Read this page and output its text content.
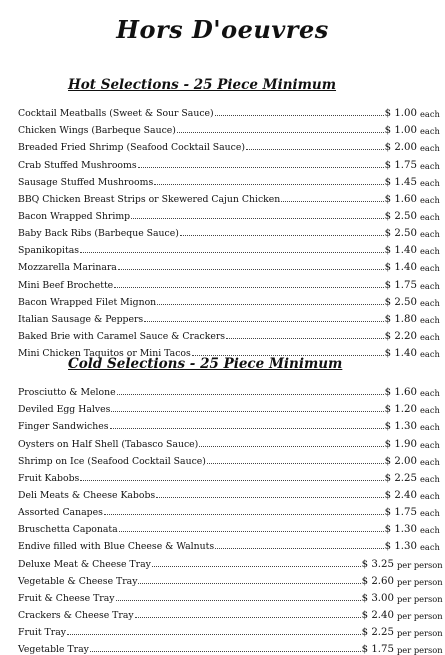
Hors D'oeuvres
Hot Selections - 25 Piece Minimum
Cocktail Meatballs (Sweet & Sour Sauce)	$ 1.00 each
Chicken Wings (Barbeque Sauce)	$ 1.00 each
Breaded Fried Shrimp (Seafood Cocktail Sauce)	$ 2.00 each
Crab Stuffed Mushrooms	$ 1.75 each
Sausage Stuffed Mushrooms	$ 1.45 each
BBQ Chicken Breast Strips or Skewered Cajun Chicken	$ 1.60 each
Bacon Wrapped Shrimp	$ 2.50 each
Baby Back Ribs (Barbeque Sauce)	$ 2.50 each
Spanikopitas	$ 1.40 each
Mozzarella Marinara	$ 1.40 each
Mini Beef Brochette	$ 1.75 each
Bacon Wrapped Filet Mignon	$ 2.50 each
Italian Sausage & Peppers	$ 1.80 each
Baked Brie with Caramel Sauce & Crackers	$ 2.20 each
Mini Chicken Taquitos or Mini Tacos	$ 1.40 each
Cold Selections - 25 Piece Minimum
Prosciutto & Melone	$ 1.60 each
Deviled Egg Halves	$ 1.20 each
Finger Sandwiches	$ 1.30 each
Oysters on Half Shell (Tabasco Sauce)	$ 1.90 each
Shrimp on Ice (Seafood Cocktail Sauce)	$ 2.00 each
Fruit Kabobs	$ 2.25 each
Deli Meats & Cheese Kabobs	$ 2.40 each
Assorted Canapes	$ 1.75 each
Bruschetta Caponata	$ 1.30 each
Endive filled with Blue Cheese & Walnuts	$ 1.30 each
Deluxe Meat & Cheese Tray	$ 3.25 per person
Vegetable & Cheese Tray	$ 2.60 per person
Fruit & Cheese Tray	$ 3.00 per person
Crackers & Cheese Tray	$ 2.40 per person
Fruit Tray	$ 2.25 per person
Vegetable Tray	$ 1.75 per person
